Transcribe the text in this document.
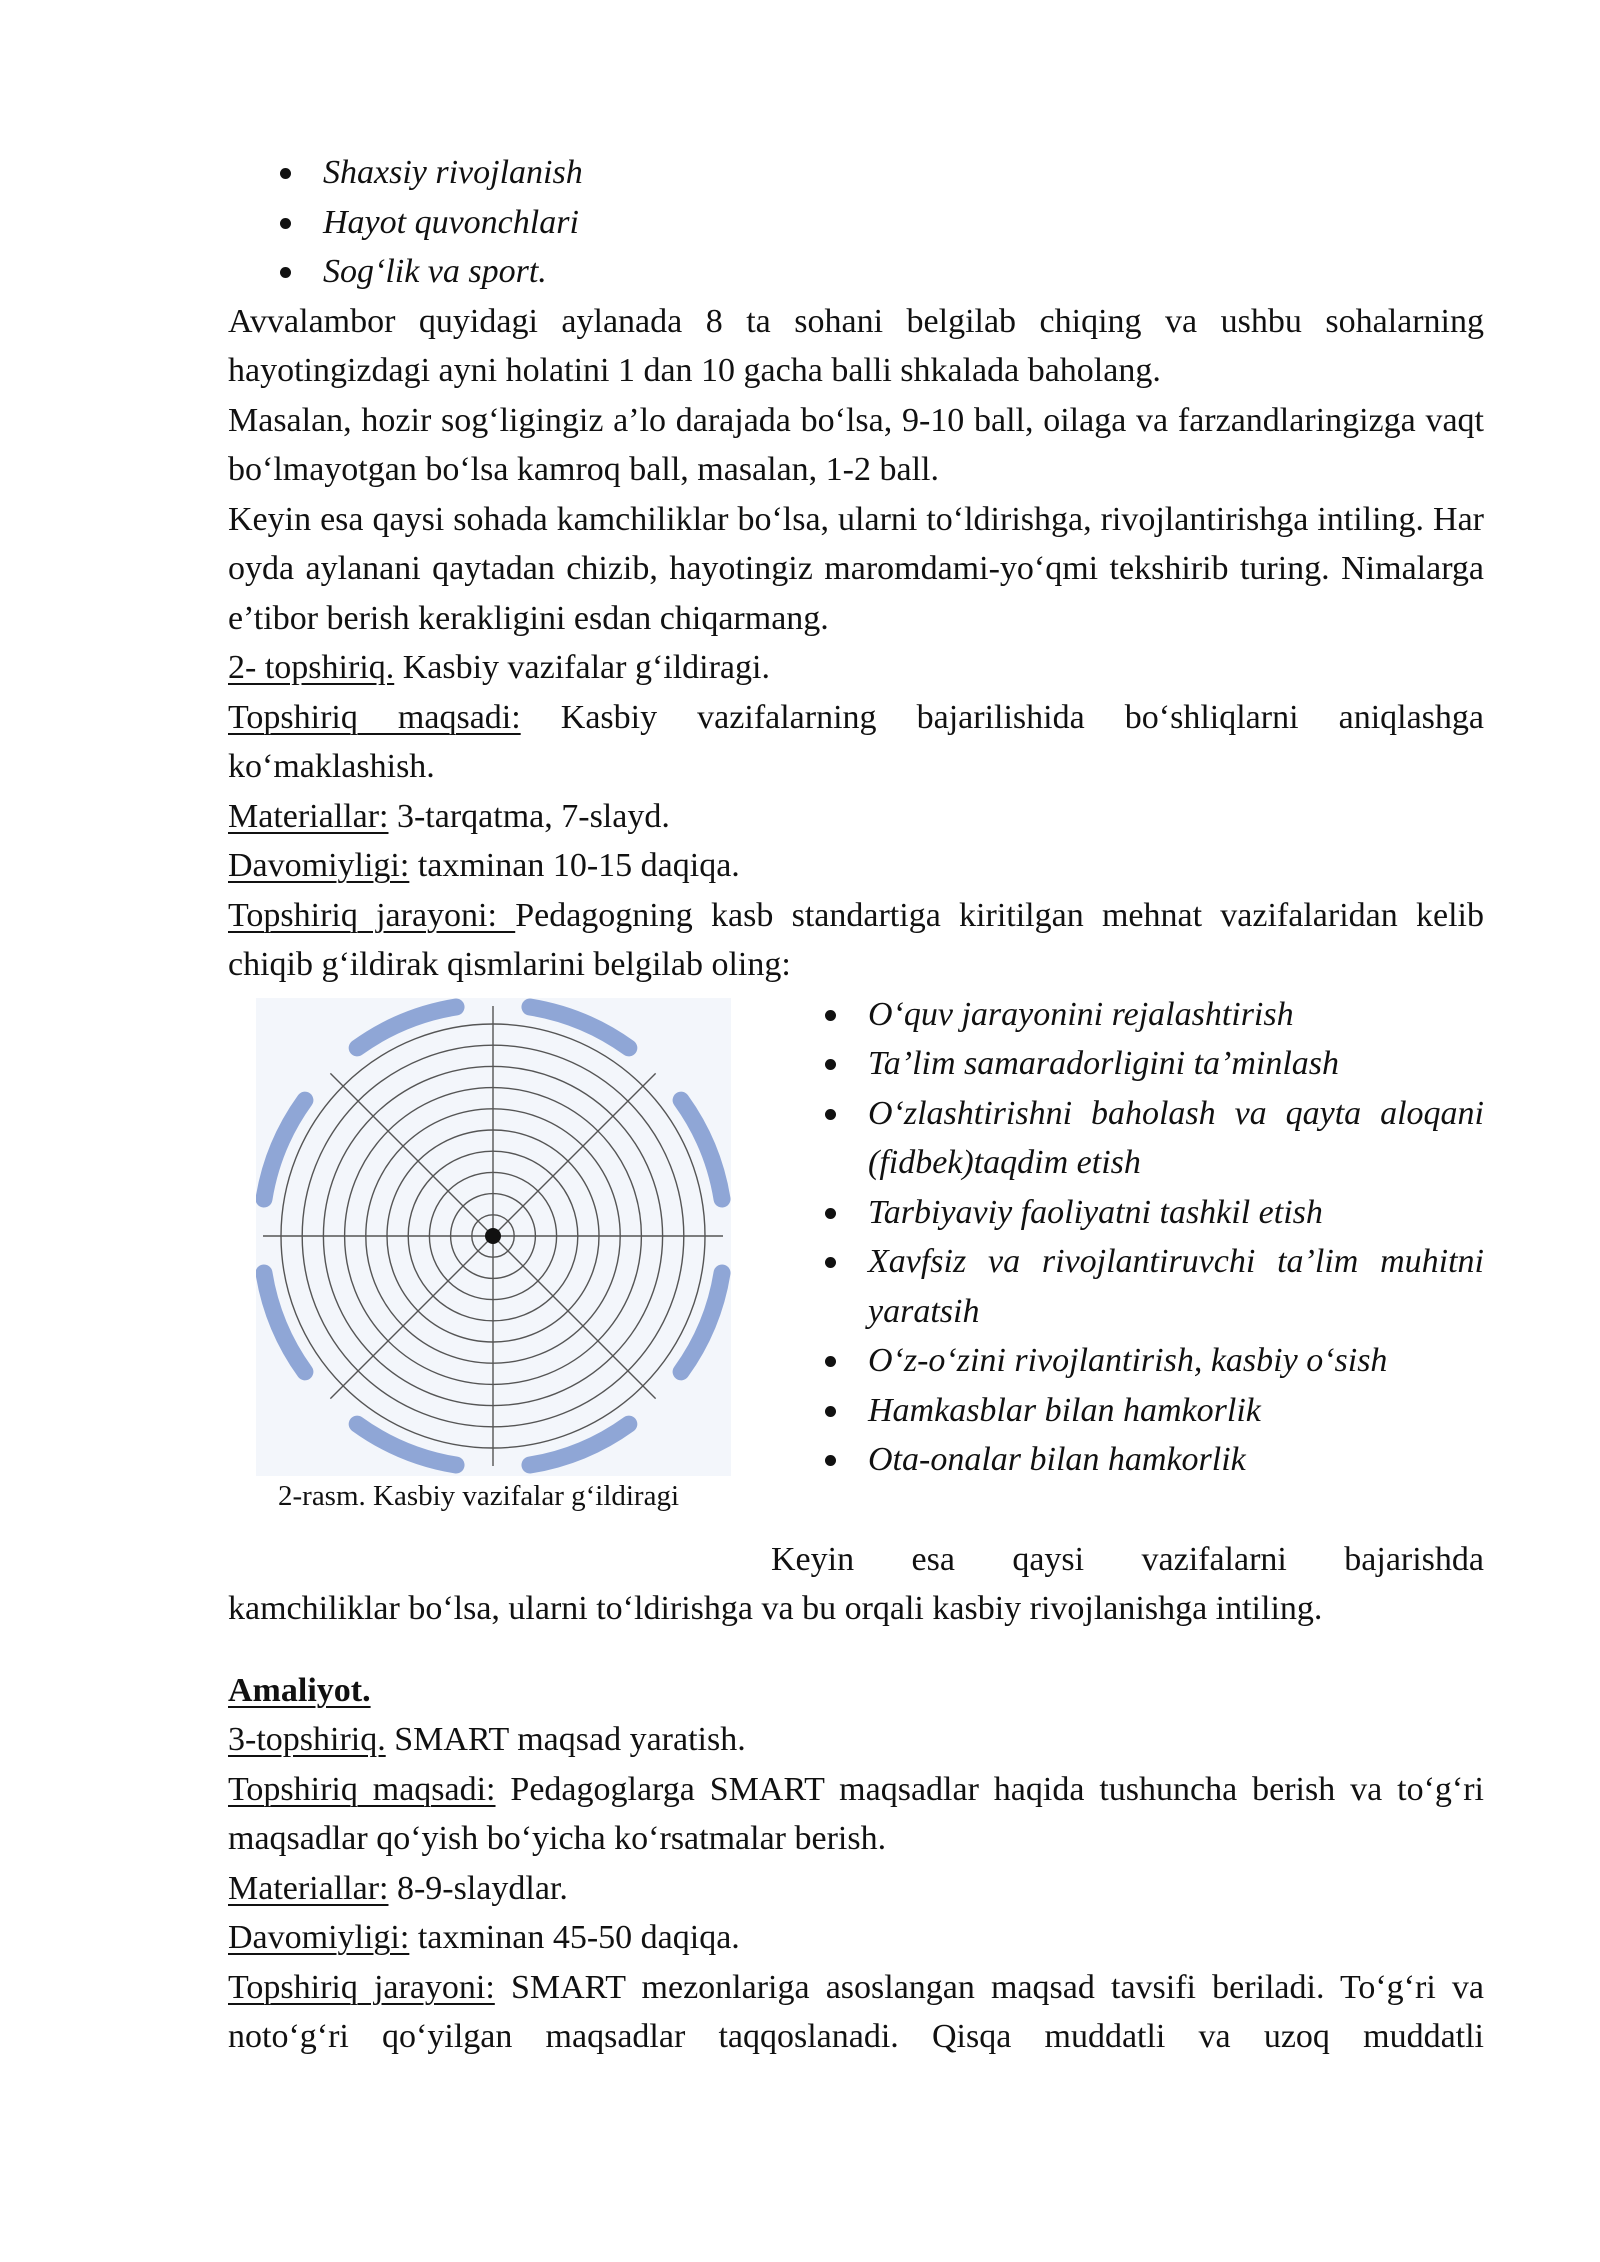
Shaxsiy rivojlanish
Hayot quvonchlari
Sog‘lik va sport.

Avvalambor quyidagi aylanada 8 ta sohani belgilab chiqing va ushbu sohalarning hayotingizdagi ayni holatini 1 dan 10 gacha balli shkalada baholang.

Masalan, hozir sog‘ligingiz a’lo darajada bo‘lsa, 9-10 ball, oilaga va farzandlaringizga vaqt bo‘lmayotgan bo‘lsa kamroq ball, masalan, 1-2 ball.

Keyin esa qaysi sohada kamchiliklar bo‘lsa, ularni to‘ldirishga, rivojlantirishga intiling. Har oyda aylanani qaytadan chizib, hayotingiz maromdami-yo‘qmi tekshirib turing. Nimalarga e’tibor berish kerakligini esdan chiqarmang.

2- topshiriq. Kasbiy vazifalar g‘ildiragi.

Topshiriq maqsadi: Kasbiy vazifalarning bajarilishida bo‘shliqlarni aniqlashga ko‘maklashish.

Materiallar: 3-tarqatma, 7-slayd.

Davomiyligi: taxminan 10-15 daqiqa.

Topshiriq jarayoni: Pedagogning kasb standartiga kiritilgan mehnat vazifalaridan kelib chiqib g‘ildirak qismlarini belgilab oling:

2-rasm. Kasbiy vazifalar g‘ildiragi
O‘quv jarayonini rejalashtirish
Ta’lim samaradorligini ta’minlash
O‘zlashtirishni baholash va qayta aloqani (fidbek)taqdim etish
Tarbiyaviy faoliyatni tashkil etish
Xavfsiz va rivojlantiruvchi ta’lim muhitni yaratsih
O‘z-o‘zini rivojlantirish, kasbiy o‘sish
Hamkasblar bilan hamkorlik
Ota-onalar bilan hamkorlik

Keyin esa qaysi vazifalarni bajarishda

kamchiliklar bo‘lsa, ularni to‘ldirishga va bu orqali kasbiy rivojlanishga intiling.

Amaliyot.

3-topshiriq. SMART maqsad yaratish.

Topshiriq maqsadi: Pedagoglarga SMART maqsadlar haqida tushuncha berish va to‘g‘ri maqsadlar qo‘yish bo‘yicha ko‘rsatmalar berish.

Materiallar: 8-9-slaydlar.

Davomiyligi: taxminan 45-50 daqiqa.

Topshiriq jarayoni: SMART mezonlariga asoslangan maqsad tavsifi beriladi. To‘g‘ri va noto‘g‘ri qo‘yilgan maqsadlar taqqoslanadi. Qisqa muddatli va uzoq muddatli
